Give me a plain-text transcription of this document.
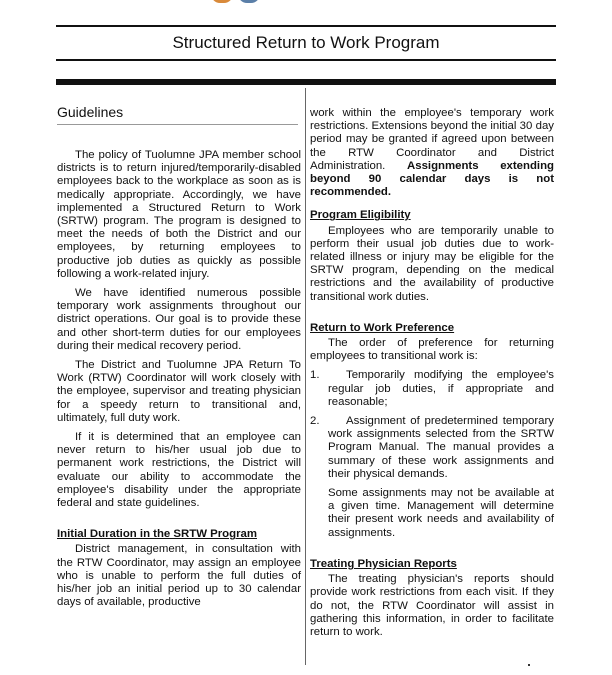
Structured Return to Work Program
Guidelines

The policy of Tuolumne JPA member school districts is to return injured/temporarily-disabled employees back to the workplace as soon as is medically appropriate. Accordingly, we have implemented a Structured Return to Work (SRTW) program. The program is designed to meet the needs of both the District and our employees, by returning employees to productive job duties as quickly as possible following a work-related injury.

We have identified numerous possible temporary work assignments throughout our district operations. Our goal is to provide these and other short-term duties for our employees during their medical recovery period.

The District and Tuolumne JPA Return To Work (RTW) Coordinator will work closely with the employee, supervisor and treating physician for a speedy return to transitional and, ultimately, full duty work.

If it is determined that an employee can never return to his/her usual job due to permanent work restrictions, the District will evaluate our ability to accommodate the employee's disability under the appropriate federal and state guidelines.

Initial Duration in the SRTW Program

District management, in consultation with the RTW Coordinator, may assign an employee who is unable to perform the full duties of his/her job an initial period up to 30 calendar days of available, productive

work within the employee's temporary work restrictions. Extensions beyond the initial 30 day period may be granted if agreed upon between the RTW Coordinator and District Administration. Assignments extending beyond 90 calendar days is not recommended.

Program Eligibility

Employees who are temporarily unable to perform their usual job duties due to work-related illness or injury may be eligible for the SRTW program, depending on the medical restrictions and the availability of productive transitional work duties.

Return to Work Preference

The order of preference for returning employees to transitional work is:

1.	Temporarily modifying the employee's regular job duties, if appropriate and reasonable;
2.	Assignment of predetermined temporary work assignments selected from the SRTW Program Manual. The manual provides a summary of these work assignments and their physical demands.

Some assignments may not be available at a given time. Management will determine their present work needs and availability of assignments.

Treating Physician Reports

The treating physician's reports should provide work restrictions from each visit. If they do not, the RTW Coordinator will assist in gathering this information, in order to facilitate return to work.
